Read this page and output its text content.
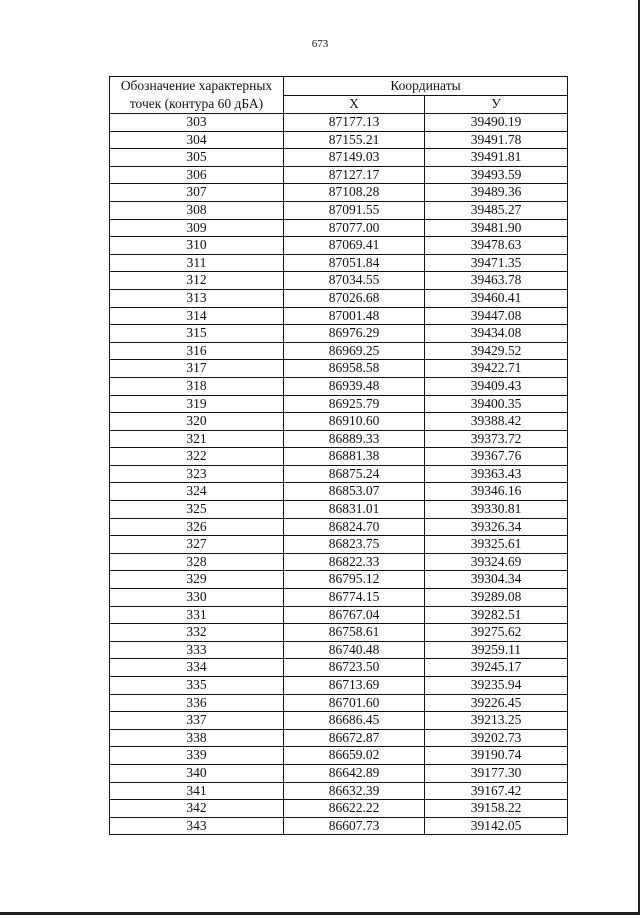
673
Обозначение характерных
точек (контура 60 дБА)	Координаты	
	X	У
303	87177.13	39490.19
304	87155.21	39491.78
305	87149.03	39491.81
306	87127.17	39493.59
307	87108.28	39489.36
308	87091.55	39485.27
309	87077.00	39481.90
310	87069.41	39478.63
311	87051.84	39471.35
312	87034.55	39463.78
313	87026.68	39460.41
314	87001.48	39447.08
315	86976.29	39434.08
316	86969.25	39429.52
317	86958.58	39422.71
318	86939.48	39409.43
319	86925.79	39400.35
320	86910.60	39388.42
321	86889.33	39373.72
322	86881.38	39367.76
323	86875.24	39363.43
324	86853.07	39346.16
325	86831.01	39330.81
326	86824.70	39326.34
327	86823.75	39325.61
328	86822.33	39324.69
329	86795.12	39304.34
330	86774.15	39289.08
331	86767.04	39282.51
332	86758.61	39275.62
333	86740.48	39259.11
334	86723.50	39245.17
335	86713.69	39235.94
336	86701.60	39226.45
337	86686.45	39213.25
338	86672.87	39202.73
339	86659.02	39190.74
340	86642.89	39177.30
341	86632.39	39167.42
342	86622.22	39158.22
343	86607.73	39142.05
